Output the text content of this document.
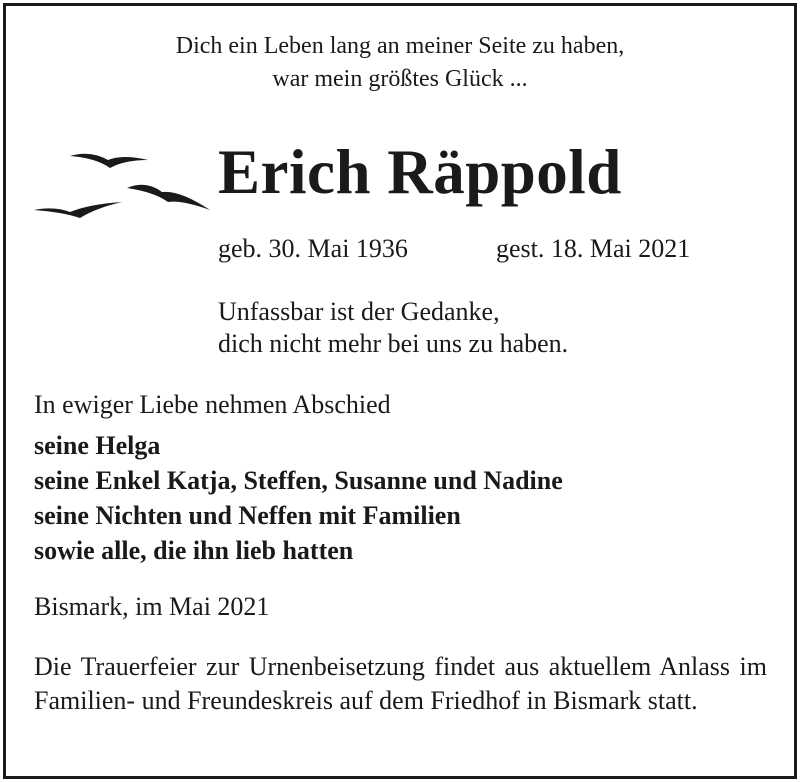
Dich ein Leben lang an meiner Seite zu haben,
war mein größtes Glück ...
Erich Räppold
geb. 30. Mai 1936	gest. 18. Mai 2021
Unfassbar ist der Gedanke,
dich nicht mehr bei uns zu haben.
In ewiger Liebe nehmen Abschied
seine Helga
seine Enkel Katja, Steffen, Susanne und Nadine
seine Nichten und Neffen mit Familien
sowie alle, die ihn lieb hatten
Bismark, im Mai 2021
Die Trauerfeier zur Urnenbeisetzung findet aus aktuellem Anlass im Familien- und Freundeskreis auf dem Friedhof in Bismark statt.
